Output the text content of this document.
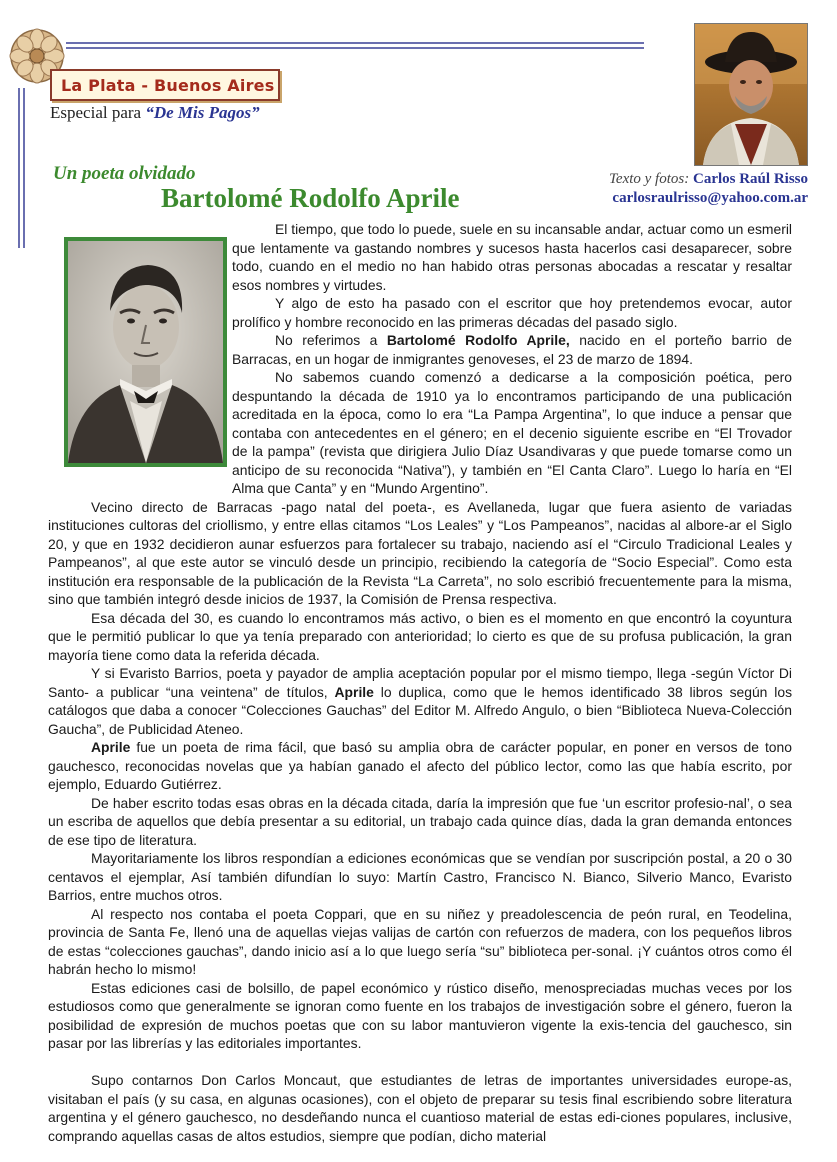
La Plata - Buenos Aires
Especial para “De Mis Pagos”
Un poeta olvidado
Bartolomé Rodolfo Aprile
Texto y fotos: Carlos Raúl Risso
carlosraulrisso@yahoo.com.ar

El tiempo, que todo lo puede, suele en su incansable andar, actuar como un esmeril que lentamente va gastando nombres y sucesos hasta hacerlos casi desaparecer, sobre todo, cuando en el medio no han habido otras personas abocadas a rescatar y resaltar esos nombres y virtudes.

Y algo de esto ha pasado con el escritor que hoy pretendemos evocar, autor prolífico y hombre reconocido en las primeras décadas del pasado siglo.

No referimos a Bartolomé Rodolfo Aprile, nacido en el porteño barrio de Barracas, en un hogar de inmigrantes genoveses, el 23 de marzo de 1894.

No sabemos cuando comenzó a dedicarse a la composición poética, pero despuntando la década de 1910 ya lo encontramos participando de una publicación acreditada en la época, como lo era “La Pampa Argentina”, lo que induce a pensar que contaba con antecedentes en el género; en el decenio siguiente escribe en “El Trovador de la pampa” (revista que dirigiera Julio Díaz Usandivaras y que puede tomarse como un anticipo de su reconocida “Nativa”), y también en “El Canta Claro”. Luego lo haría en “El Alma que Canta” y en “Mundo Argentino”.

Vecino directo de Barracas -pago natal del poeta-, es Avellaneda, lugar que fuera asiento de variadas instituciones cultoras del criollismo, y entre ellas citamos “Los Leales” y “Los Pampeanos”, nacidas al albore-ar el Siglo 20, y que en 1932 decidieron aunar esfuerzos para fortalecer su trabajo, naciendo así el “Circulo Tradicional Leales y Pampeanos”, al que este autor se vinculó desde un principio, recibiendo la categoría de “Socio Especial”. Como esta institución era responsable de la publicación de la Revista “La Carreta”, no solo escribió frecuentemente para la misma, sino que también integró desde inicios de 1937, la Comisión de Prensa respectiva.

Esa década del 30, es cuando lo encontramos más activo, o bien es el momento en que encontró la coyuntura que le permitió publicar lo que ya tenía preparado con anterioridad; lo cierto es que de su profusa publicación, la gran mayoría tiene como data la referida década.

Y si Evaristo Barrios, poeta y payador de amplia aceptación popular por el mismo tiempo, llega -según Víctor Di Santo- a publicar “una veintena” de títulos, Aprile lo duplica, como que le hemos identificado 38 libros según los catálogos que daba a conocer “Colecciones Gauchas” del Editor M. Alfredo Angulo, o bien “Biblioteca Nueva-Colección Gaucha”, de Publicidad Ateneo.

Aprile fue un poeta de rima fácil, que basó su amplia obra de carácter popular, en poner en versos de tono gauchesco, reconocidas novelas que ya habían ganado el afecto del público lector, como las que había escrito, por ejemplo, Eduardo Gutiérrez.

De haber escrito todas esas obras en la década citada, daría la impresión que fue ‘un escritor profesio-nal’, o sea un escriba de aquellos que debía presentar a su editorial, un trabajo cada quince días, dada la gran demanda entonces de ese tipo de literatura.

Mayoritariamente los libros respondían a ediciones económicas que se vendían por suscripción postal, a 20 o 30 centavos el ejemplar, Así también difundían lo suyo: Martín Castro, Francisco N. Bianco, Silverio Manco, Evaristo Barrios, entre muchos otros.

Al respecto nos contaba el poeta Coppari, que en su niñez y preadolescencia de peón rural, en Teodelina, provincia de Santa Fe, llenó una de aquellas viejas valijas de cartón con refuerzos de madera, con los pequeños libros de estas “colecciones gauchas”, dando inicio así a lo que luego sería “su” biblioteca per-sonal. ¡Y cuántos otros como él habrán hecho lo mismo!

Estas ediciones casi de bolsillo, de papel económico y rústico diseño, menospreciadas muchas veces por los estudiosos como que generalmente se ignoran como fuente en los trabajos de investigación sobre el género, fueron la posibilidad de expresión de muchos poetas que con su labor mantuvieron vigente la exis-tencia del gauchesco, sin pasar por las librerías y las editoriales importantes.

Supo contarnos Don Carlos Moncaut, que estudiantes de letras de importantes universidades europe-as, visitaban el país (y su casa, en algunas ocasiones), con el objeto de preparar su tesis final escribiendo sobre literatura argentina y el género gauchesco, no desdeñando nunca el cuantioso material de estas edi-ciones populares, inclusive, comprando aquellas casas de altos estudios, siempre que podían, dicho material
